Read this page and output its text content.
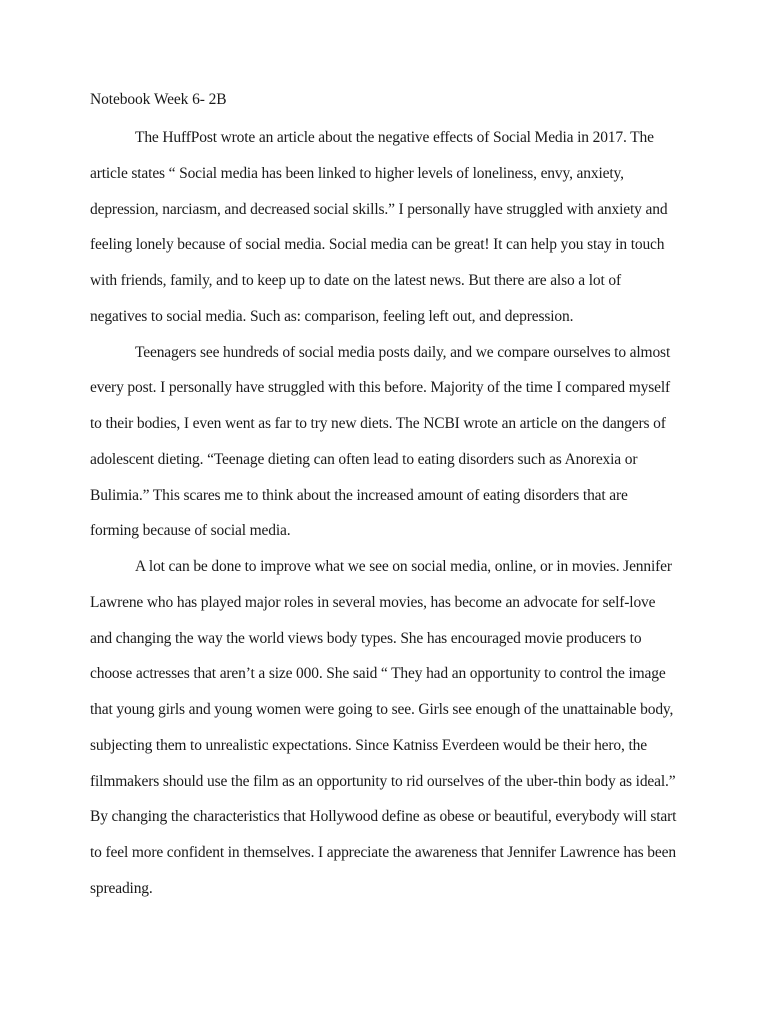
Notebook Week 6- 2B
The HuffPost wrote an article about the negative effects of Social Media in 2017. The
article states “ Social media has been linked to higher levels of loneliness, envy, anxiety,
depression, narciasm, and decreased social skills.” I personally have struggled with anxiety and
feeling lonely because of social media. Social media can be great! It can help you stay in touch
with friends, family, and to keep up to date on the latest news. But there are also a lot of
negatives to social media. Such as: comparison, feeling left out, and depression.
Teenagers see hundreds of social media posts daily, and we compare ourselves to almost
every post. I personally have struggled with this before. Majority of the time I compared myself
to their bodies, I even went as far to try new diets. The NCBI wrote an article on the dangers of
adolescent dieting. “Teenage dieting can often lead to eating disorders such as Anorexia or
Bulimia.” This scares me to think about the increased amount of eating disorders that are
forming because of social media.
A lot can be done to improve what we see on social media, online, or in movies. Jennifer
Lawrene who has played major roles in several movies, has become an advocate for self-love
and changing the way the world views body types. She has encouraged movie producers to
choose actresses that aren’t a size 000. She said “ They had an opportunity to control the image
that young girls and young women were going to see. Girls see enough of the unattainable body,
subjecting them to unrealistic expectations. Since Katniss Everdeen would be their hero, the
filmmakers should use the film as an opportunity to rid ourselves of the uber-thin body as ideal.”
By changing the characteristics that Hollywood define as obese or beautiful, everybody will start
to feel more confident in themselves. I appreciate the awareness that Jennifer Lawrence has been
spreading.
